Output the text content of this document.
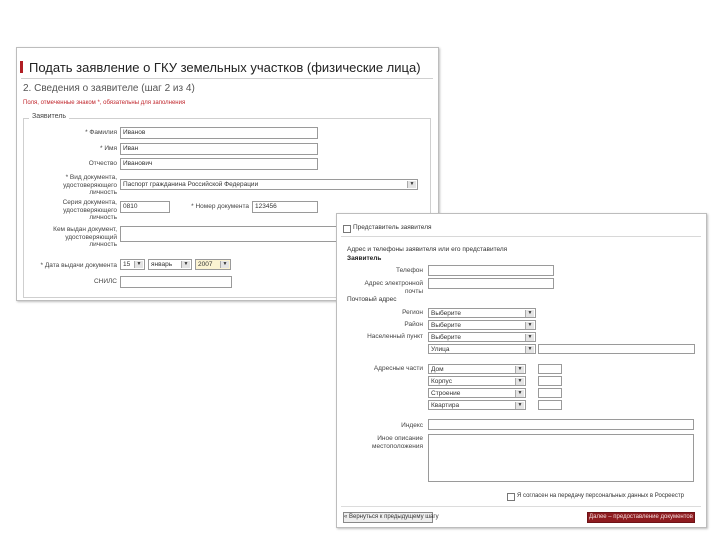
Подать заявление о ГКУ земельных участков (физические лица)
2. Сведения о заявителе (шаг 2 из 4)
Поля, отмеченные знаком *, обязательны для заполнения
Заявитель
* Фамилия Иванов
* Имя Иван
Отчество Иванович
* Вид документа, удостоверяющего личность
Паспорт гражданина Российской Федерации	▼
Серия документа, удостоверяющего личность
0810	* Номер документа 123456
Кем выдан документ, удостоверяющий личность
* Дата выдачи документа 15	▼	январь	▼	2007	▼
СНИЛС
Представитель заявителя
Адрес и телефоны заявителя или его представителя
Заявитель
Телефон
Адрес электронной почты
Почтовый адрес
Регион	Выберите	▼
Район	Выберите	▼
Населенный пункт	Выберите	▼
Улица	▼
Адресные части	Дом	▼
Корпус	▼
Строение	▼
Квартира	▼
Индекс
Иное описание местоположения
Я согласен на передачу персональных данных в Росреестр
« Вернуться к предыдущему шагу	Далее – предоставление документов
